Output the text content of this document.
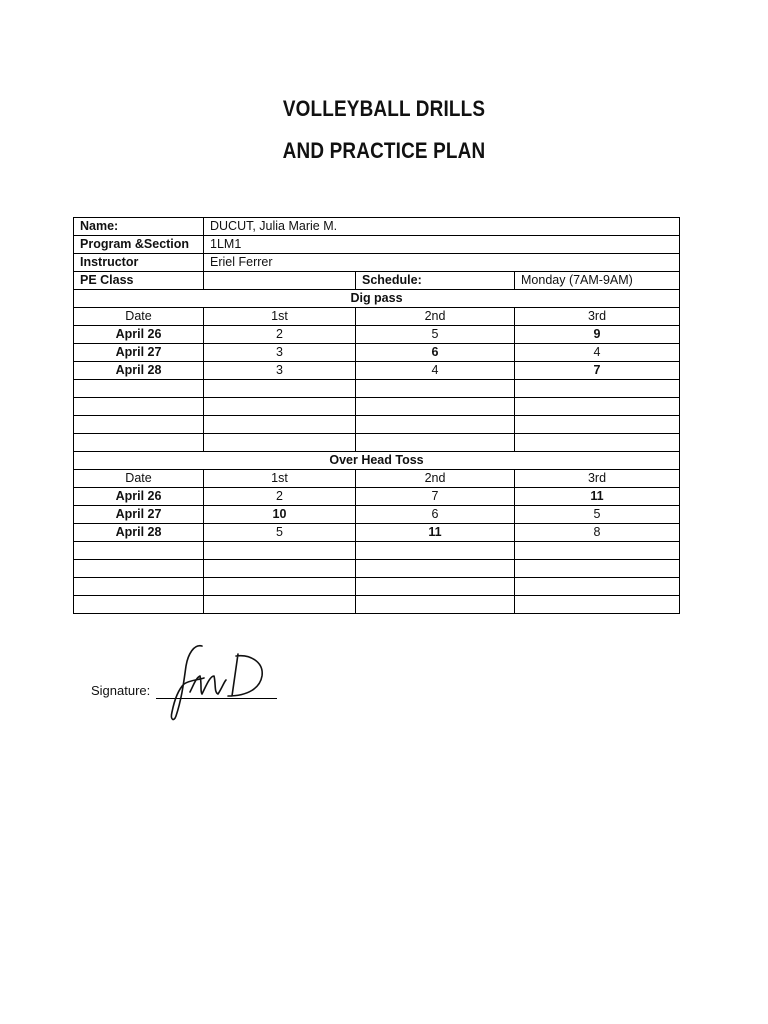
VOLLEYBALL DRILLS
AND PRACTICE PLAN
Name:	DUCUT, Julia Marie M.		
Program &Section	1LM1		
Instructor	Eriel Ferrer		
PE Class		Schedule:	Monday (7AM-9AM)
Dig pass			
Date	1st	2nd	3rd
April 26	2	5	9
April 27	3	6	4
April 28	3	4	7

Over Head Toss			
Date	1st	2nd	3rd
April 26	2	7	11
April 27	10	6	5
April 28	5	11	8

Signature:
